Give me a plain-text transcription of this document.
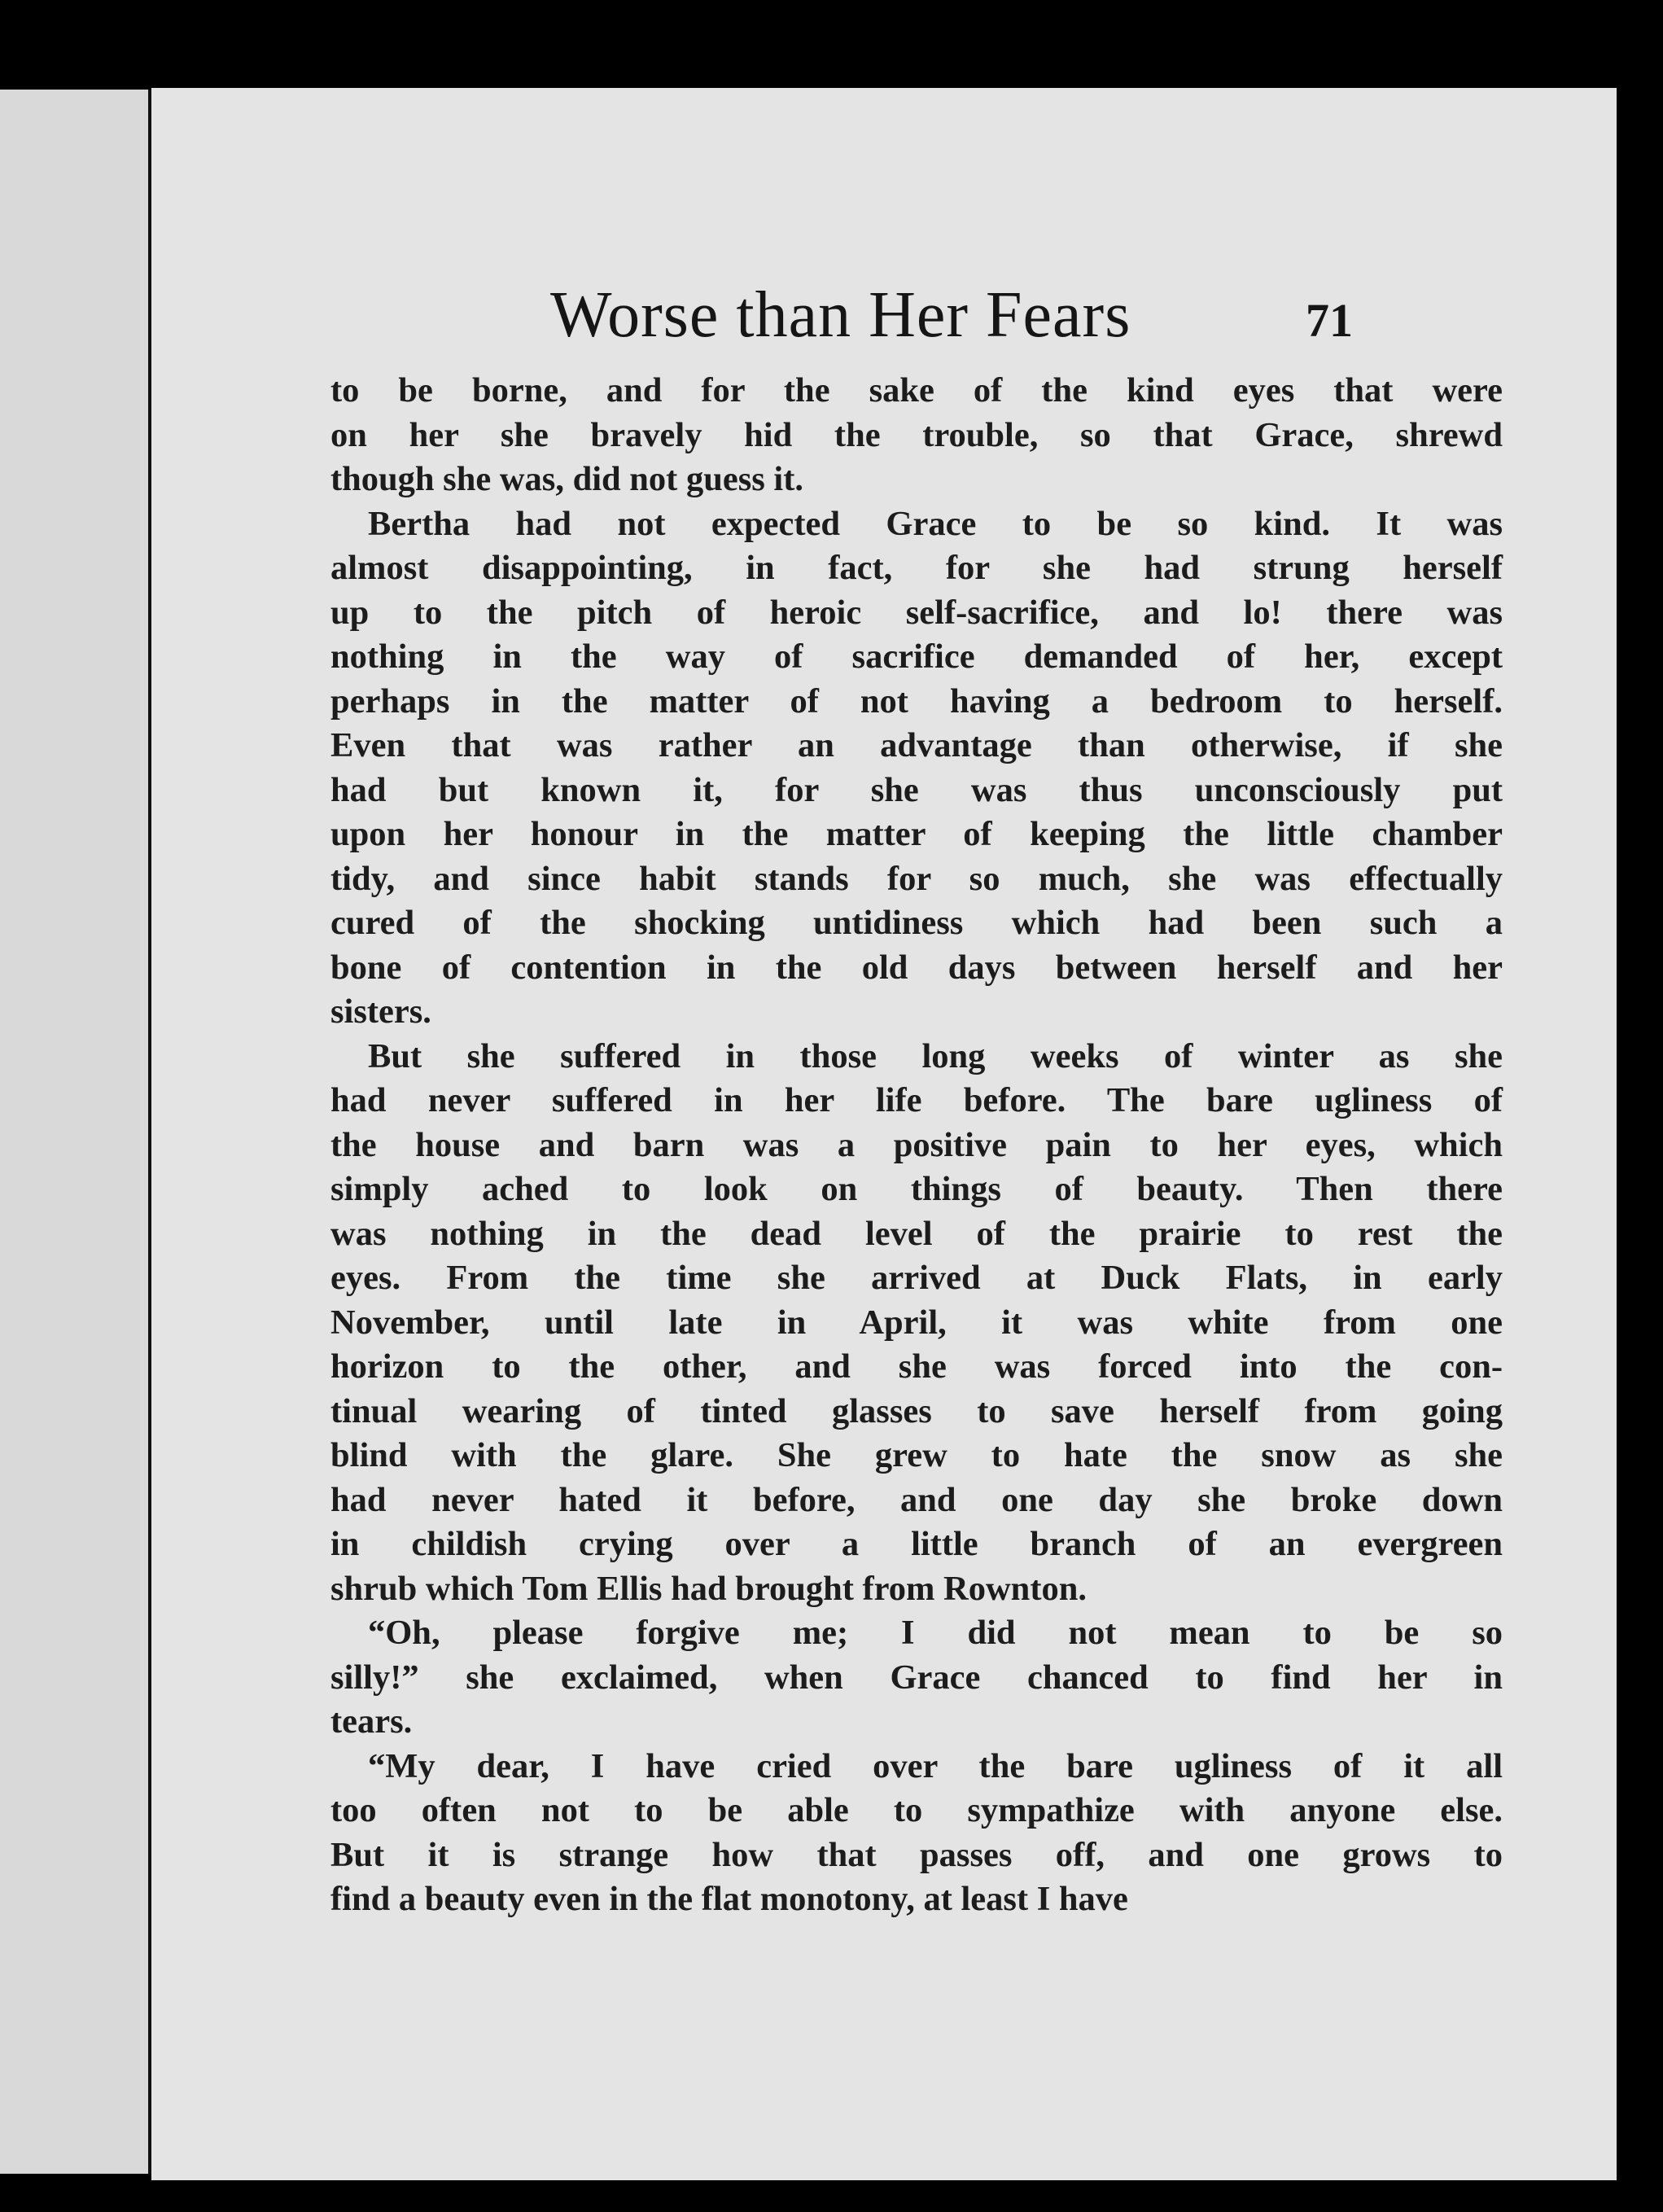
Worse than Her Fears	71
to be borne, and for the sake of the kind eyes that were
on her she bravely hid the trouble, so that Grace, shrewd
though she was, did not guess it.
Bertha had not expected Grace to be so kind. It was
almost disappointing, in fact, for she had strung herself
up to the pitch of heroic self-sacrifice, and lo! there was
nothing in the way of sacrifice demanded of her, except
perhaps in the matter of not having a bedroom to herself.
Even that was rather an advantage than otherwise, if she
had but known it, for she was thus unconsciously put
upon her honour in the matter of keeping the little chamber
tidy, and since habit stands for so much, she was effectually
cured of the shocking untidiness which had been such a
bone of contention in the old days between herself and her
sisters.
But she suffered in those long weeks of winter as she
had never suffered in her life before. The bare ugliness of
the house and barn was a positive pain to her eyes, which
simply ached to look on things of beauty. Then there
was nothing in the dead level of the prairie to rest the
eyes. From the time she arrived at Duck Flats, in early
November, until late in April, it was white from one
horizon to the other, and she was forced into the con-
tinual wearing of tinted glasses to save herself from going
blind with the glare. She grew to hate the snow as she
had never hated it before, and one day she broke down
in childish crying over a little branch of an evergreen
shrub which Tom Ellis had brought from Rownton.
“Oh, please forgive me; I did not mean to be so
silly!” she exclaimed, when Grace chanced to find her in
tears.
“My dear, I have cried over the bare ugliness of it all
too often not to be able to sympathize with anyone else.
But it is strange how that passes off, and one grows to
find a beauty even in the flat monotony, at least I have
